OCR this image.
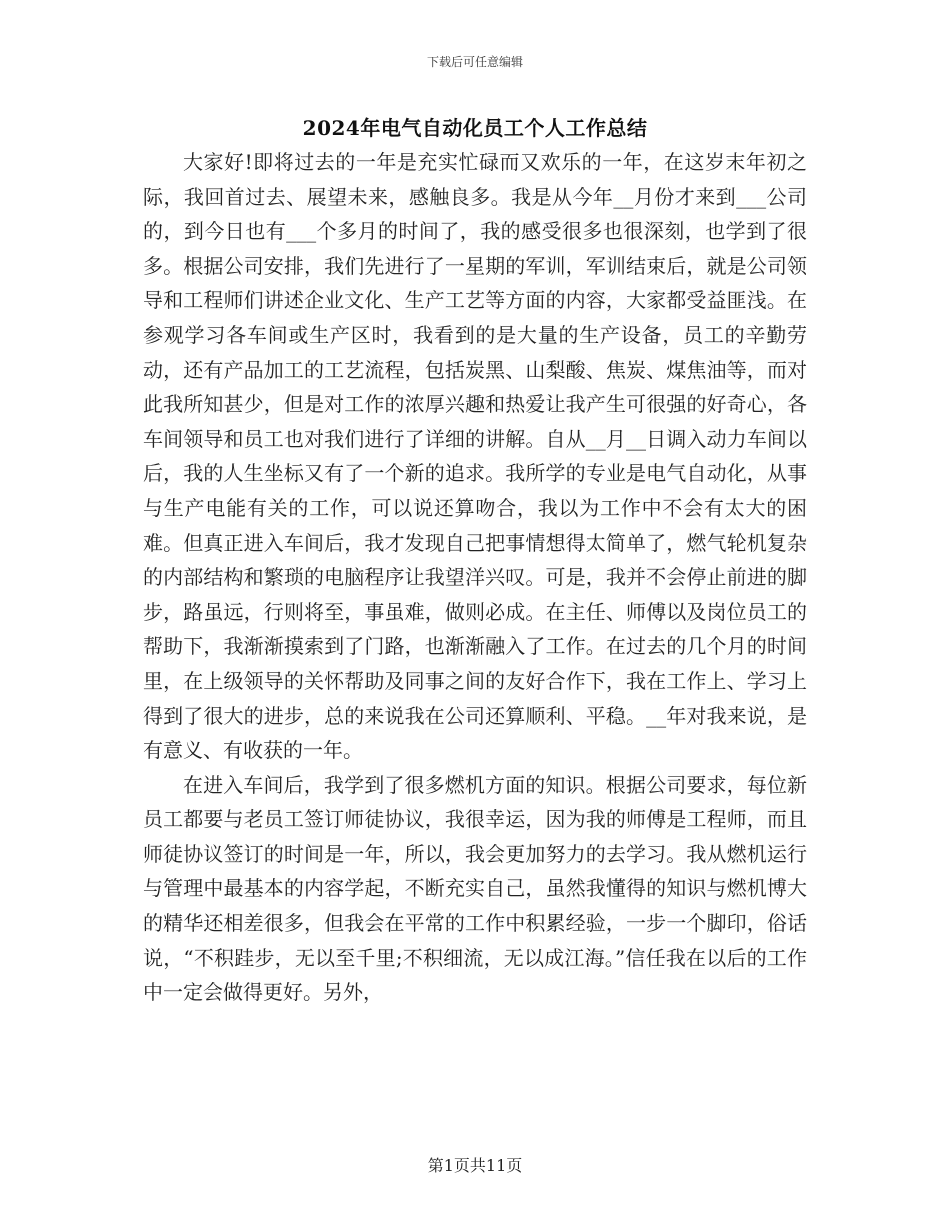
下载后可任意编辑
2024年电气自动化员工个人工作总结

大家好!即将过去的一年是充实忙碌而又欢乐的一年，在这岁末年初之际，我回首过去、展望未来，感触良多。我是从今年__月份才来到___公司的，到今日也有___个多月的时间了，我的感受很多也很深刻，也学到了很多。根据公司安排，我们先进行了一星期的军训，军训结束后，就是公司领导和工程师们讲述企业文化、生产工艺等方面的内容，大家都受益匪浅。在参观学习各车间或生产区时，我看到的是大量的生产设备，员工的辛勤劳动，还有产品加工的工艺流程，包括炭黑、山梨酸、焦炭、煤焦油等，而对此我所知甚少，但是对工作的浓厚兴趣和热爱让我产生可很强的好奇心，各车间领导和员工也对我们进行了详细的讲解。自从__月__日调入动力车间以后，我的人生坐标又有了一个新的追求。我所学的专业是电气自动化，从事与生产电能有关的工作，可以说还算吻合，我以为工作中不会有太大的困难。但真正进入车间后，我才发现自己把事情想得太简单了，燃气轮机复杂的内部结构和繁琐的电脑程序让我望洋兴叹。可是，我并不会停止前进的脚步，路虽远，行则将至，事虽难，做则必成。在主任、师傅以及岗位员工的帮助下，我渐渐摸索到了门路，也渐渐融入了工作。在过去的几个月的时间里，在上级领导的关怀帮助及同事之间的友好合作下，我在工作上、学习上得到了很大的进步，总的来说我在公司还算顺利、平稳。__年对我来说，是有意义、有收获的一年。

在进入车间后，我学到了很多燃机方面的知识。根据公司要求，每位新员工都要与老员工签订师徒协议，我很幸运，因为我的师傅是工程师，而且师徒协议签订的时间是一年，所以，我会更加努力的去学习。我从燃机运行与管理中最基本的内容学起，不断充实自己，虽然我懂得的知识与燃机博大的精华还相差很多，但我会在平常的工作中积累经验，一步一个脚印，俗话说，“不积跬步，无以至千里;不积细流，无以成江海。”信任我在以后的工作中一定会做得更好。另外，

第1页共11页
